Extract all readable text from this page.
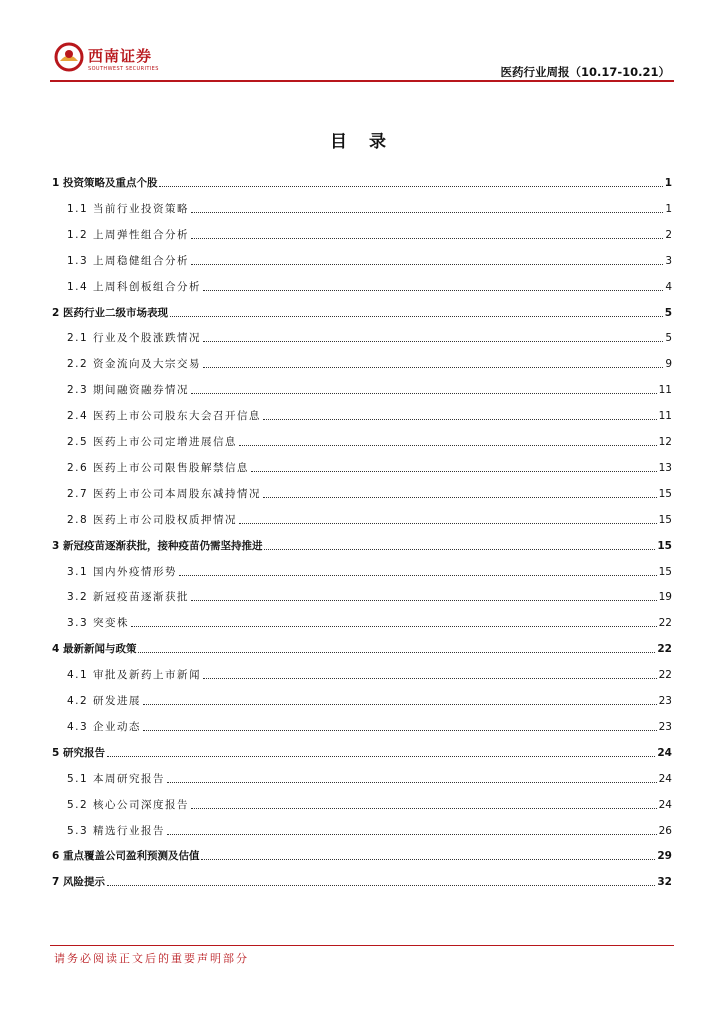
西南证券
SOUTHWEST SECURITIES	医药行业周报（10.17-10.21）
目 录
1 投资策略及重点个股	1
1.1 当前行业投资策略	1
1.2 上周弹性组合分析	2
1.3 上周稳健组合分析	3
1.4 上周科创板组合分析	4
2 医药行业二级市场表现	5
2.1 行业及个股涨跌情况	5
2.2 资金流向及大宗交易	9
2.3 期间融资融券情况	11
2.4 医药上市公司股东大会召开信息	11
2.5 医药上市公司定增进展信息	12
2.6 医药上市公司限售股解禁信息	13
2.7 医药上市公司本周股东减持情况	15
2.8 医药上市公司股权质押情况	15
3 新冠疫苗逐渐获批，接种疫苗仍需坚持推进	15
3.1 国内外疫情形势	15
3.2 新冠疫苗逐渐获批	19
3.3 突变株	22
4 最新新闻与政策	22
4.1 审批及新药上市新闻	22
4.2 研发进展	23
4.3 企业动态	23
5 研究报告	24
5.1 本周研究报告	24
5.2 核心公司深度报告	24
5.3 精选行业报告	26
6 重点覆盖公司盈利预测及估值	29
7 风险提示	32
请务必阅读正文后的重要声明部分
